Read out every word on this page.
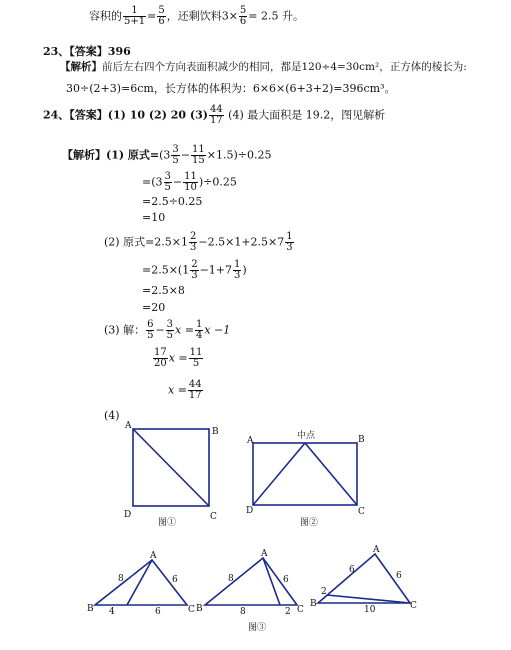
容积的 $\frac{1}{5+1} = \frac{5}{6}$ ，还剩饮料$3\times \frac{5}{6} = 2.5$ 升。
23、【答案】396
【解析】前后左右四个方向表面积减少的相同，都是120÷4=30cm²，正方体的棱长为:
30÷(2+3)=6cm，长方体的体积为：6×6×(6+3+2)=396cm³。
24、【答案】(1) 10 (2) 20 $(3) \frac{44}{17} (4)$ 最大面积是 19.2，图见解析
【解析】(1) 原式$=(3 \frac{3}{5} - \frac{11}{15} \times 1.5)\div 0.25$
$=(3 \frac{3}{5} - \frac{11}{10} )\div 0.25$
=2.5÷0.25
=10
(2) 原式$=2.5\times 1 \frac{2}{3} -2.5\times 1+2.5\times 7 \frac{1}{3}$
$=2.5\times(1 \frac{2}{3} -1+7 \frac{1}{3}$ )
=2.5×8
=20
(3) 解： $\frac{6}{5} - \frac{3}{5}$ $x = \frac{1}{4}$ x −1
$\frac{17}{20}$ $x = \frac{11}{5}$
$x = \frac{44}{17}$
(4)
A
B
D	C
图①
A	B
D	C
中点
图②
A
B	C
8	6
4	6
A
B	C
8	6
8	2
A
B	C
6
6
2
10
图③
